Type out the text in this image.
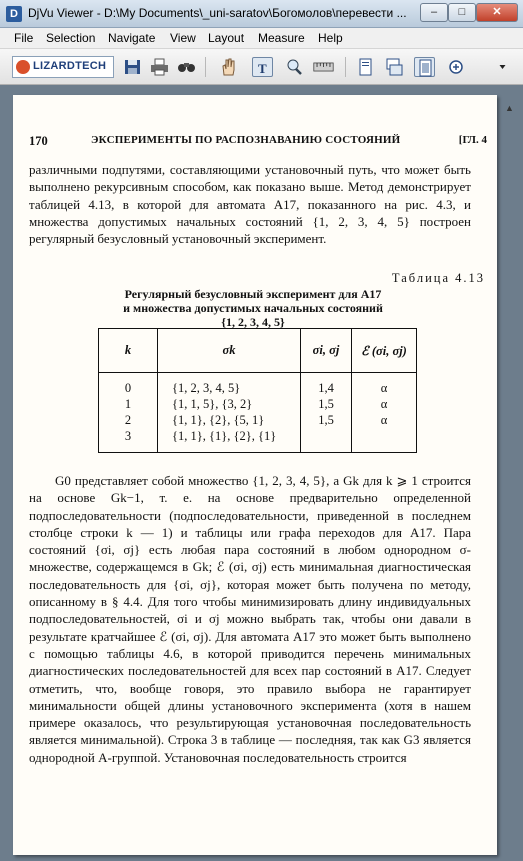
D DjVu Viewer - D:\My Documents\_uni-saratov\Богомолов\перевести ...	–	□	✕
File Selection Navigate View Layout Measure Help
LIZARDTECH	T
170	ЭКСПЕРИМЕНТЫ ПО РАСПОЗНАВАНИЮ СОСТОЯНИЙ	[ГЛ. 4
различными подпутями, составляющими установочный путь, что может быть выполнено рекурсивным способом, как показано выше. Метод демонстрирует таблицей 4.13, в которой для автомата A17, показанного на рис. 4.3, и множества допустимых начальных состояний {1, 2, 3, 4, 5} построен регулярный безусловный установочный эксперимент.
Таблица 4.13
Регулярный безусловный эксперимент для A17
и множества допустимых начальных состояний
{1, 2, 3, 4, 5}
k	σk	σi, σj	ℰ (σi, σj)
0	{1, 2, 3, 4, 5}	1,4	α
1	{1, 1, 5}, {3, 2}	1,5	α
2	{1, 1}, {2}, {5, 1}	1,5	α
3	{1, 1}, {1}, {2}, {1}		
G0 представляет собой множество {1, 2, 3, 4, 5}, а Gk для k ⩾ 1 строится на основе Gk−1, т. е. на основе предварительно определенной подпоследовательности (подпоследовательности, приведенной в последнем столбце строки k — 1) и таблицы или графа переходов для A17. Пара состояний {σi, σj} есть любая пара состояний в любом однородном σ-множестве, содержащемся в Gk; ℰ (σi, σj) есть минимальная диагностическая последовательность для {σi, σj}, которая может быть получена по методу, описанному в § 4.4. Для того чтобы минимизировать длину индивидуальных подпоследовательностей, σi и σj можно выбрать так, чтобы они давали в результате кратчайшее ℰ (σi, σj). Для автомата A17 это может быть выполнено с помощью таблицы 4.6, в которой приводится перечень минимальных диагностических последовательностей для всех пар состояний в A17. Следует отметить, что, вообще говоря, это правило выбора не гарантирует минимальности общей длины установочного эксперимента (хотя в нашем примере оказалось, что результирующая установочная последовательность является минимальной). Строка 3 в таблице — последняя, так как G3 является однородной A-группой. Установочная последовательность строится
▲
